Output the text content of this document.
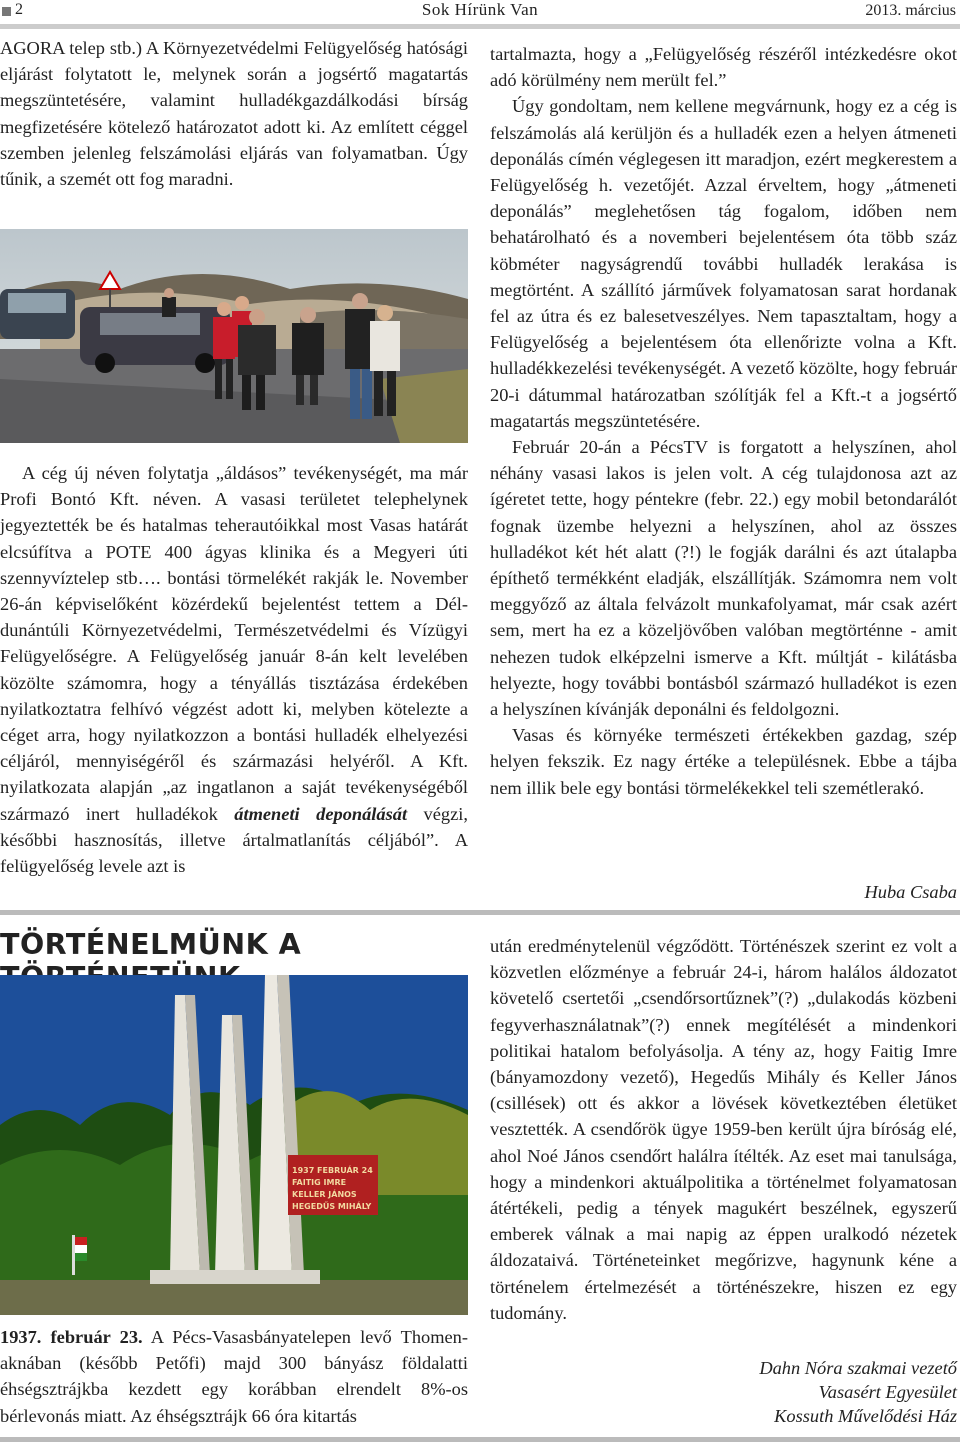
2	Sok Hírünk Van	2013. március

AGORA telep stb.) A Környezetvédelmi Felügyelőség hatósági eljárást folytatott le, melynek során a jogsértő magatartás megszüntetésére, valamint hulladékgazdálkodási bírság megfizetésére kötelező határozatot adott ki. Az említett céggel szemben jelenleg felszámolási eljárás van folyamatban. Úgy tűnik, a szemét ott fog maradni.

A cég új néven folytatja „áldásos” tevékenységét, ma már Profi Bontó Kft. néven. A vasasi területet telephelynek jegyeztették be és hatalmas teherautóikkal most Vasas határát elcsúfítva a POTE 400 ágyas klinika és a Megyeri úti szennyvíztelep stb…. bontási törmelékét rakják le. November 26-án képviselőként közérdekű bejelentést tettem a Dél-dunántúli Környezetvédelmi, Természetvédelmi és Vízügyi Felügyelőségre. A Felügyelőség január 8-án kelt levelében közölte számomra, hogy a tényállás tisztázása érdekében nyilatkoztatra felhívó végzést adott ki, melyben kötelezte a céget arra, hogy nyilatkozzon a bontási hulladék elhelyezési céljáról, mennyiségéről és származási helyéről. A Kft. nyilatkozata alapján „az ingatlanon a saját tevékenységéből származó inert hulladékok átmeneti deponálását végzi, későbbi hasznosítás, illetve ártalmatlanítás céljából”. A felügyelőség levele azt is

tartalmazta, hogy a „Felügyelőség részéről intézkedésre okot adó körülmény nem merült fel.”

Úgy gondoltam, nem kellene megvárnunk, hogy ez a cég is felszámolás alá kerüljön és a hulladék ezen a helyen átmeneti deponálás címén véglegesen itt maradjon, ezért megkerestem a Felügyelőség h. vezetőjét. Azzal érveltem, hogy „átmeneti deponálás” meglehetősen tág fogalom, időben nem behatárolható és a novemberi bejelentésem óta több száz köbméter nagyságrendű további hulladék lerakása is megtörtént. A szállító járművek folyamatosan sarat hordanak fel az útra és ez balesetveszélyes. Nem tapasztaltam, hogy a Felügyelőség a bejelentésem óta ellenőrizte volna a Kft. hulladékkezelési tevékenységét. A vezető közölte, hogy február 20-i dátummal határozatban szólítják fel a Kft.-t a jogsértő magatartás megszüntetésére.

Február 20-án a PécsTV is forgatott a helyszínen, ahol néhány vasasi lakos is jelen volt. A cég tulajdonosa azt az ígéretet tette, hogy péntekre (febr. 22.) egy mobil betondarálót fognak üzembe helyezni a helyszínen, ahol az összes hulladékot két hét alatt (?!) le fogják darálni és azt útalapba építhető termékként eladják, elszállítják. Számomra nem volt meggyőző az általa felvázolt munkafolyamat, már csak azért sem, mert ha ez a közeljövőben valóban megtörténne - amit nehezen tudok elképzelni ismerve a Kft. múltját - kilátásba helyezte, hogy további bontásból származó hulladékot is ezen a helyszínen kívánják deponálni és feldolgozni.

Vasas és környéke természeti értékekben gazdag, szép helyen fekszik. Ez nagy értéke a településnek. Ebbe a tájba nem illik bele egy bontási törmelékekkel teli szemétlerakó.

Huba Csaba
TÖRTÉNELMÜNK A
1937 FEBRUÁR 24
FAITIG IMRE
KELLER JÁNOS
HEGEDŰS MIHÁLY

1937. február 23. A Pécs-Vasasbányatelepen levő Thomen-aknában (később Petőfi) majd 300 bányász földalatti éhségsztrájkba kezdett egy korábban elrendelt 8%-os bérlevonás miatt. Az éhségsztrájk 66 óra kitartás

után eredménytelenül végződött. Történészek szerint ez volt a közvetlen előzménye a február 24-i, három halálos áldozatot követelő csertetői „csendőrsortűznek”(?) „dulakodás közbeni fegyverhasználatnak”(?) ennek megítélését a mindenkori politikai hatalom befolyásolja. A tény az, hogy Faitig Imre (bányamozdony vezető), Hegedűs Mihály és Keller János (csillések) ott és akkor a lövések következtében életüket vesztették. A csendőrök ügye 1959-ben került újra bíróság elé, ahol Noé János csendőrt halálra ítélték. Az eset mai tanulsága, hogy a mindenkori aktuálpolitika a történelmet folyamatosan átértékeli, pedig a tények magukért beszélnek, egyszerű emberek válnak a mai napig az éppen uralkodó nézetek áldozataivá. Történeteinket megőrizve, hagynunk kéne a történelem értelmezését a történészekre, hiszen ez egy tudomány.

Dahn Nóra szakmai vezető
Vasasért Egyesület
Kossuth Művelődési Ház
